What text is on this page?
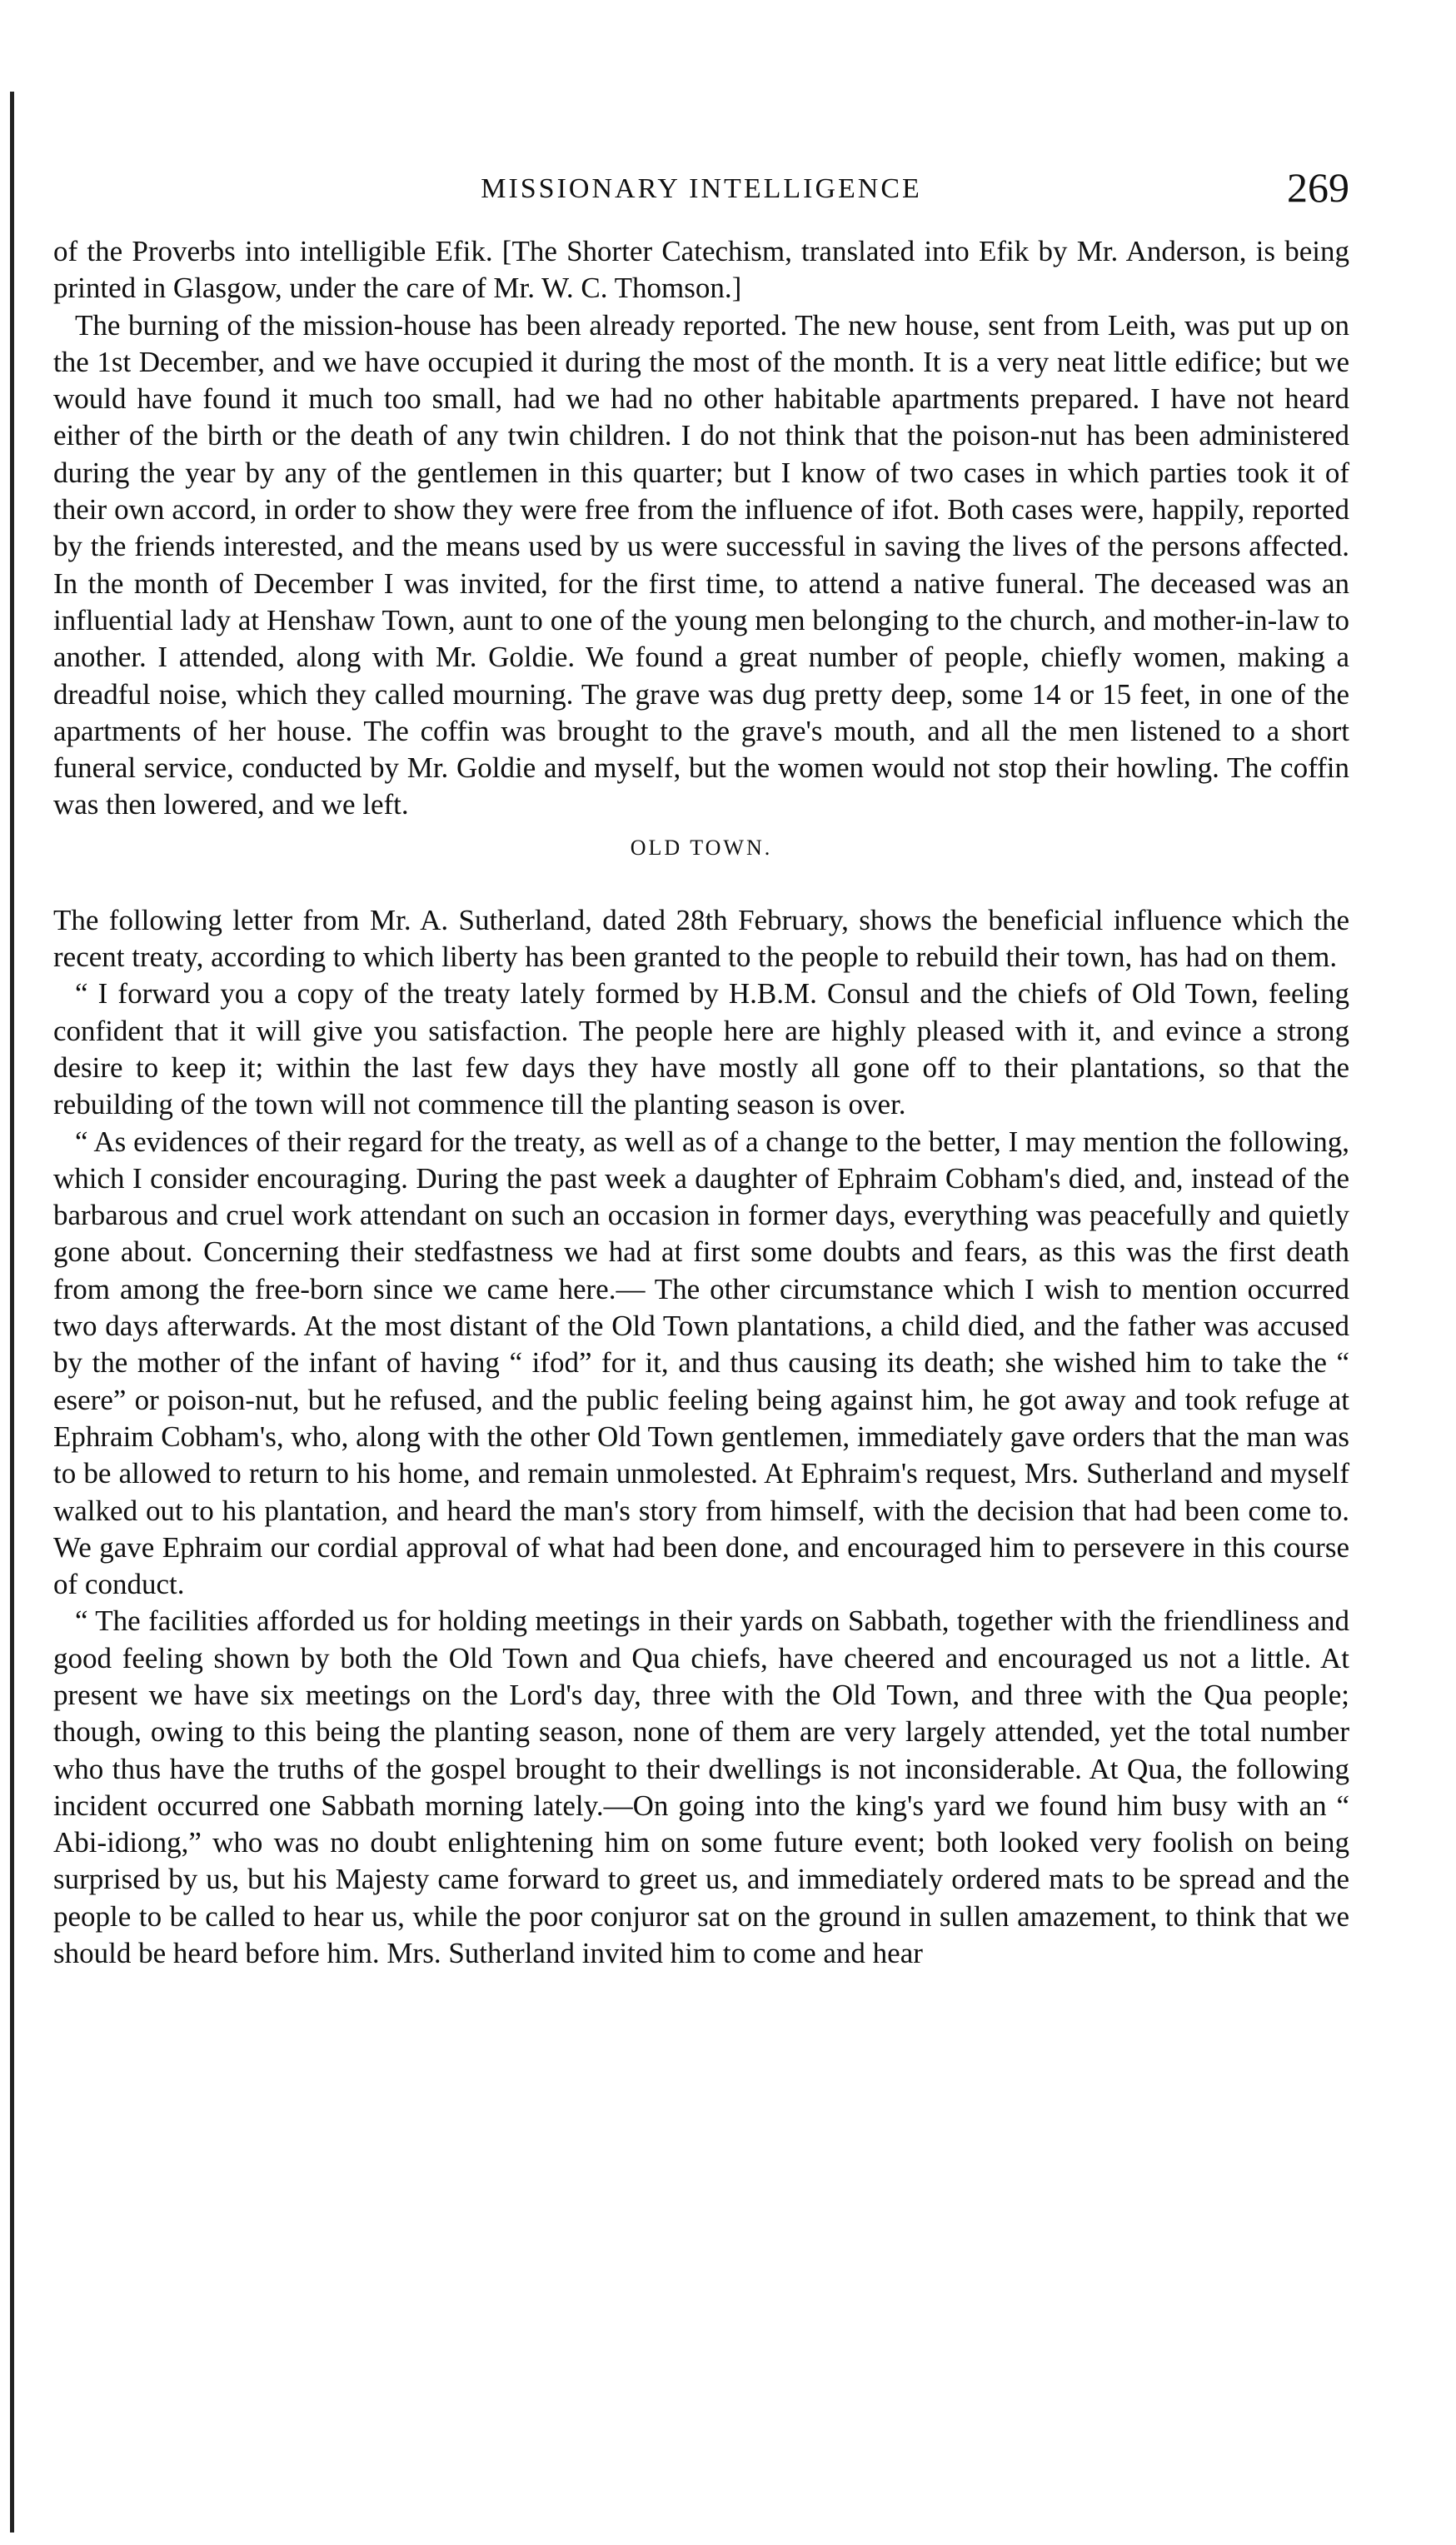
MISSIONARY INTELLIGENCE	269

of the Proverbs into intelligible Efik. [The Shorter Catechism, translated into Efik by Mr. Anderson, is being printed in Glasgow, under the care of Mr. W. C. Thomson.]

The burning of the mission-house has been already reported. The new house, sent from Leith, was put up on the 1st December, and we have occupied it during the most of the month. It is a very neat little edifice; but we would have found it much too small, had we had no other habitable apartments prepared. I have not heard either of the birth or the death of any twin children. I do not think that the poison-nut has been administered during the year by any of the gentlemen in this quarter; but I know of two cases in which parties took it of their own accord, in order to show they were free from the influence of ifot. Both cases were, happily, reported by the friends interested, and the means used by us were successful in saving the lives of the persons affected. In the month of December I was invited, for the first time, to attend a native funeral. The deceased was an influential lady at Henshaw Town, aunt to one of the young men belonging to the church, and mother-in-law to another. I attended, along with Mr. Goldie. We found a great number of people, chiefly women, making a dreadful noise, which they called mourning. The grave was dug pretty deep, some 14 or 15 feet, in one of the apartments of her house. The coffin was brought to the grave's mouth, and all the men listened to a short funeral service, conducted by Mr. Goldie and myself, but the women would not stop their howling. The coffin was then lowered, and we left.

OLD TOWN.

The following letter from Mr. A. Sutherland, dated 28th February, shows the beneficial influence which the recent treaty, according to which liberty has been granted to the people to rebuild their town, has had on them.

“ I forward you a copy of the treaty lately formed by H.B.M. Consul and the chiefs of Old Town, feeling confident that it will give you satisfaction. The people here are highly pleased with it, and evince a strong desire to keep it; within the last few days they have mostly all gone off to their plantations, so that the rebuilding of the town will not commence till the planting season is over.

“ As evidences of their regard for the treaty, as well as of a change to the better, I may mention the following, which I consider encouraging. During the past week a daughter of Ephraim Cobham's died, and, instead of the barbarous and cruel work attendant on such an occasion in former days, everything was peacefully and quietly gone about. Concerning their stedfastness we had at first some doubts and fears, as this was the first death from among the free-born since we came here.— The other circumstance which I wish to mention occurred two days afterwards. At the most distant of the Old Town plantations, a child died, and the father was accused by the mother of the infant of having “ ifod” for it, and thus causing its death; she wished him to take the “ esere” or poison-nut, but he refused, and the public feeling being against him, he got away and took refuge at Ephraim Cobham's, who, along with the other Old Town gentlemen, immediately gave orders that the man was to be allowed to return to his home, and remain unmolested. At Ephraim's request, Mrs. Sutherland and myself walked out to his plantation, and heard the man's story from himself, with the decision that had been come to. We gave Ephraim our cordial approval of what had been done, and encouraged him to persevere in this course of conduct.

“ The facilities afforded us for holding meetings in their yards on Sabbath, together with the friendliness and good feeling shown by both the Old Town and Qua chiefs, have cheered and encouraged us not a little. At present we have six meetings on the Lord's day, three with the Old Town, and three with the Qua people; though, owing to this being the planting season, none of them are very largely attended, yet the total number who thus have the truths of the gospel brought to their dwellings is not inconsiderable. At Qua, the following incident occurred one Sabbath morning lately.—On going into the king's yard we found him busy with an “ Abi-idiong,” who was no doubt enlightening him on some future event; both looked very foolish on being surprised by us, but his Majesty came forward to greet us, and immediately ordered mats to be spread and the people to be called to hear us, while the poor conjuror sat on the ground in sullen amazement, to think that we should be heard before him. Mrs. Sutherland invited him to come and hear
